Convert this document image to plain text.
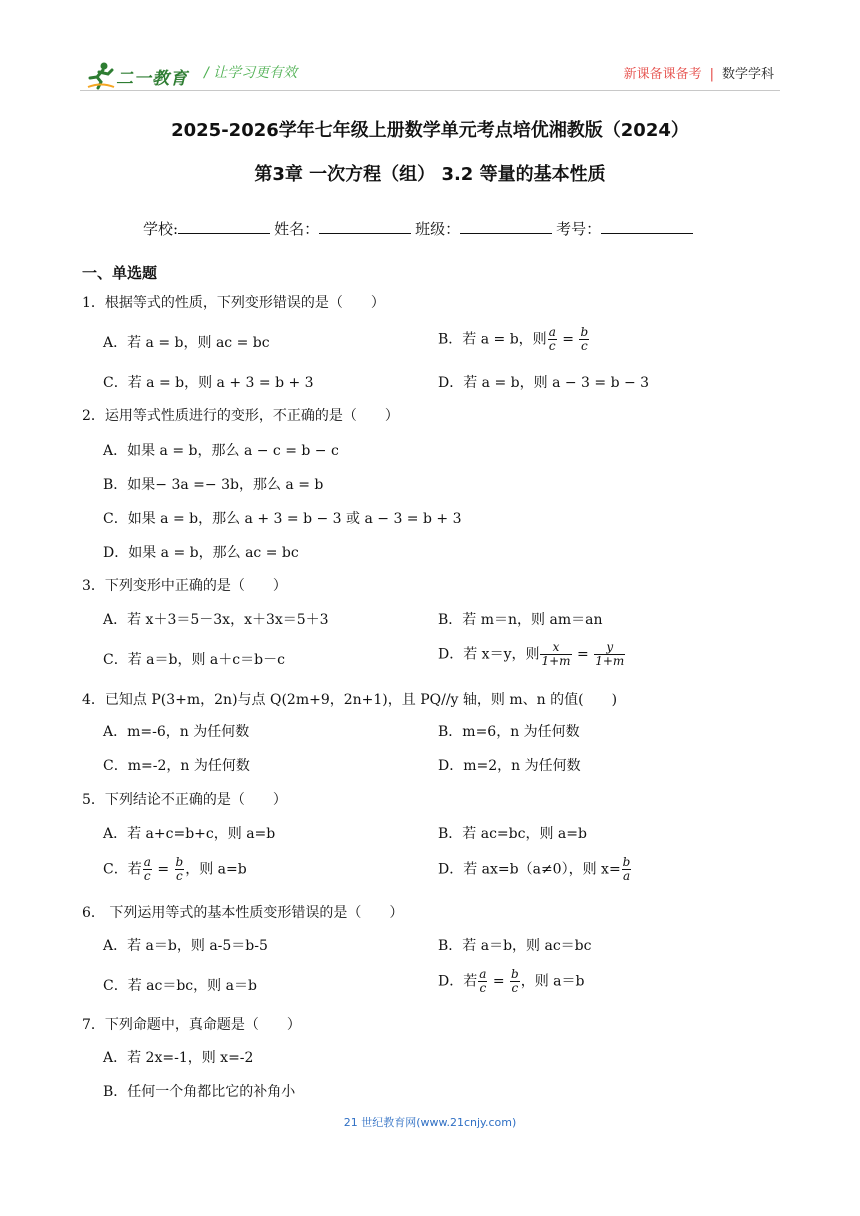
二一教育 / 让学习更有效	新课备课备考 | 数学学科
2025-2026学年七年级上册数学单元考点培优湘教版（2024）
第3章 一次方程（组） 3.2 等量的基本性质
学校:	姓名：	班级：	考号：
一、单选题
1．根据等式的性质，下列变形错误的是（　　）
A．若 a = b，则 ac = bc	B．若 a = b，则 $\frac{a}{c} = \frac{b}{c}$
C．若 a = b，则 a + 3 = b + 3	D．若 a = b，则 a − 3 = b − 3
2．运用等式性质进行的变形，不正确的是（　　）
A．如果 a = b，那么 a − c = b − c
B．如果− 3a =− 3b，那么 a = b
C．如果 a = b，那么 a + 3 = b − 3 或 a − 3 = b + 3
D．如果 a = b，那么 ac = bc
3．下列变形中正确的是（　　）
A．若 x＋3＝5－3x，x＋3x＝5＋3	B．若 m＝n，则 am＝an
C．若 a＝b，则 a＋c＝b－c	D．若 x＝y，则 $\frac{x}{1+m} = \frac{y}{1+m}$
4．已知点 P(3+m，2n)与点 Q(2m+9，2n+1)，且 PQ//y 轴，则 m、n 的值(　　)
A．m=-6，n 为任何数	B．m=6，n 为任何数
C．m=-2，n 为任何数	D．m=2，n 为任何数
5．下列结论不正确的是（　　）
A．若 a+c=b+c，则 a=b	B．若 ac=bc，则 a=b
C．若 $\frac{a}{c} = \frac{b}{c}$ ，则 a=b	D．若 ax=b（a≠0），则 $x= \frac{b}{a}$
6． 下列运用等式的基本性质变形错误的是（　　）
A．若 a＝b，则 a-5＝b-5	B．若 a＝b，则 ac＝bc
C．若 ac＝bc，则 a＝b	D．若 $\frac{a}{c} = \frac{b}{c}$ ，则 a＝b
7．下列命题中，真命题是（　　）
A．若 2x=-1，则 x=-2
B．任何一个角都比它的补角小
21 世纪教育网(www.21cnjy.com)
